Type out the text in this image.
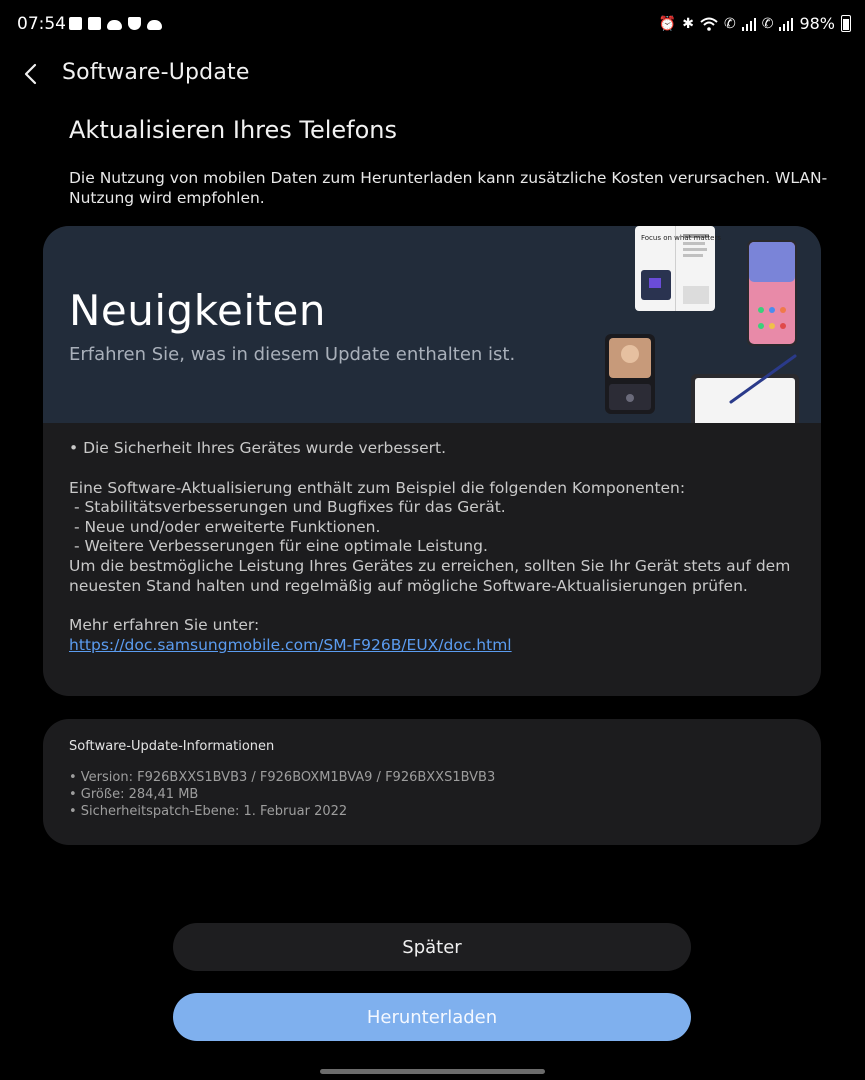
07:54	⏰ ✱ ✆ ✆ 98%
Software-Update
Aktualisieren Ihres Telefons
Die Nutzung von mobilen Daten zum Herunterladen kann zusätzliche Kosten verursachen. WLAN-Nutzung wird empfohlen.
Focus on what matters
Neuigkeiten
Erfahren Sie, was in diesem Update enthalten ist.

• Die Sicherheit Ihres Gerätes wurde verbessert.

Eine Software-Aktualisierung enthält zum Beispiel die folgenden Komponenten:
- Stabilitätsverbesserungen und Bugfixes für das Gerät.
- Neue und/oder erweiterte Funktionen.
- Weitere Verbesserungen für eine optimale Leistung.
Um die bestmögliche Leistung Ihres Gerätes zu erreichen, sollten Sie Ihr Gerät stets auf dem neuesten Stand halten und regelmäßig auf mögliche Software-Aktualisierungen prüfen.

Mehr erfahren Sie unter:

https://doc.samsungmobile.com/SM-F926B/EUX/doc.html

Software-Update-Informationen
• Version: F926BXXS1BVB3 / F926BOXM1BVA9 / F926BXXS1BVB3
• Größe: 284,41 MB
• Sicherheitspatch-Ebene: 1. Februar 2022
Später
Herunterladen
